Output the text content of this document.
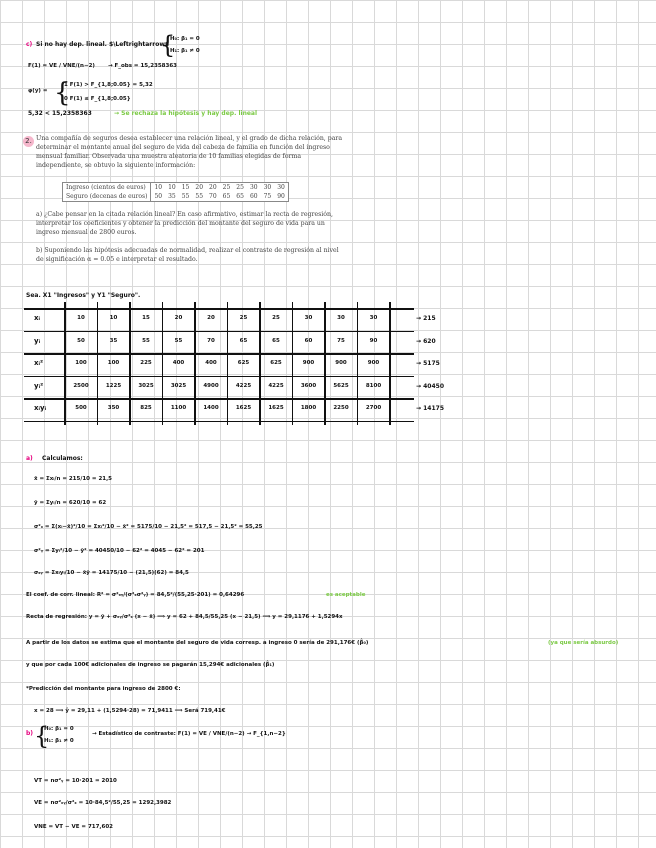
c) Si no hay dep. lineal. $\Leftrightarrow$
{
H₀: β₁ = 0
H₁: β₁ ≠ 0
F(1) = VE / VNE/(n−2) → F_obs = 15,2358363
φ(y) = {
1 F(1) > F_{1,8;0.05} = 5,32
0 F(1) ≤ F_{1,8;0.05}
5,32 < 15,2358363	→ Se rechaza la hipótesis y hay dep. lineal
2. Una compañía de seguros desea establecer una relación lineal, y el grado de dicha relación, para determinar el montante anual del seguro de vida del cabeza de familia en función del ingreso mensual familiar. Observada una muestra aleatoria de 10 familias elegidas de forma independiente, se obtuvo la siguiente información:
Ingreso (cientos de euros)	10	10	15	20	20	25	25	30	30	30
Seguro (decenas de euros)	50	35	55	55	70	65	65	60	75	90
a) ¿Cabe pensar en la citada relación lineal? En caso afirmativo, estimar la recta de regresión, interpretar los coeficientes y obtener la predicción del montante del seguro de vida para un ingreso mensual de 2800 euros.
b) Suponiendo las hipótesis adecuadas de normalidad, realizar el contraste de regresión al nivel de significación α = 0.05 e interpretar el resultado.
Sea. X1 "Ingresos" y Y1 "Seguro".
xᵢ	10	10	15	20	20	25	25	30	30	30	→ 215
yᵢ	50	35	55	55	70	65	65	60	75	90	→ 620
xᵢ²	100	100	225	400	400	625	625	900	900	900	→ 5175
yᵢ²	2500	1225	3025	3025	4900	4225	4225	3600	5625	8100	→ 40450
xᵢyᵢ	500	350	825	1100	1400	1625	1625	1800	2250	2700	→ 14175
a) Calculamos:
x̄ = Σxᵢ/n = 215/10 = 21,5
ȳ = Σyᵢ/n = 620/10 = 62
σ²ₓ = Σ(xᵢ−x̄)²/10 = Σxᵢ²/10 − x̄² = 5175/10 − 21,5² = 517,5 − 21,5² = 55,25
σ²ᵧ = Σyᵢ²/10 − ȳ² = 40450/10 − 62² = 4045 − 62² = 201
σₓᵧ = Σxᵢyᵢ/10 − x̄ȳ = 14175/10 − (21,5)(62) = 84,5
El coef. de corr. lineal: R² = σ²ₓᵧ/(σ²ₓσ²ᵧ) = 84,5²/(55,25·201) = 0,64296	es aceptable
Recta de regresión: y = ȳ + σₓᵧ/σ²ₓ (x − x̄) ⟹ y = 62 + 84,5/55,25 (x − 21,5) ⟹ y = 29,1176 + 1,5294x
A partir de los datos se estima que el montante del seguro de vida corresp. a ingreso 0 sería de 291,176€ (β̂₀)	(ya que sería absurdo)
y que por cada 100€ adicionales de ingreso se pagarán 15,294€ adicionales (β̂₁)
*Predicción del montante para ingreso de 2800 €:
x = 28 ⟹ ŷ = 29,11 + (1,5294·28) = 71,9411 ⟹ Será 719,41€
b) {
H₀: β₁ = 0
H₁: β₁ ≠ 0
→ Estadístico de contraste: F(1) = VE / VNE/(n−2) → F_{1,n−2}
VT = nσ²ᵧ = 10·201 = 2010
VE = nσ²ₓᵧ/σ²ₓ = 10·84,5²/55,25 = 1292,3982
VNE = VT − VE = 717,602
